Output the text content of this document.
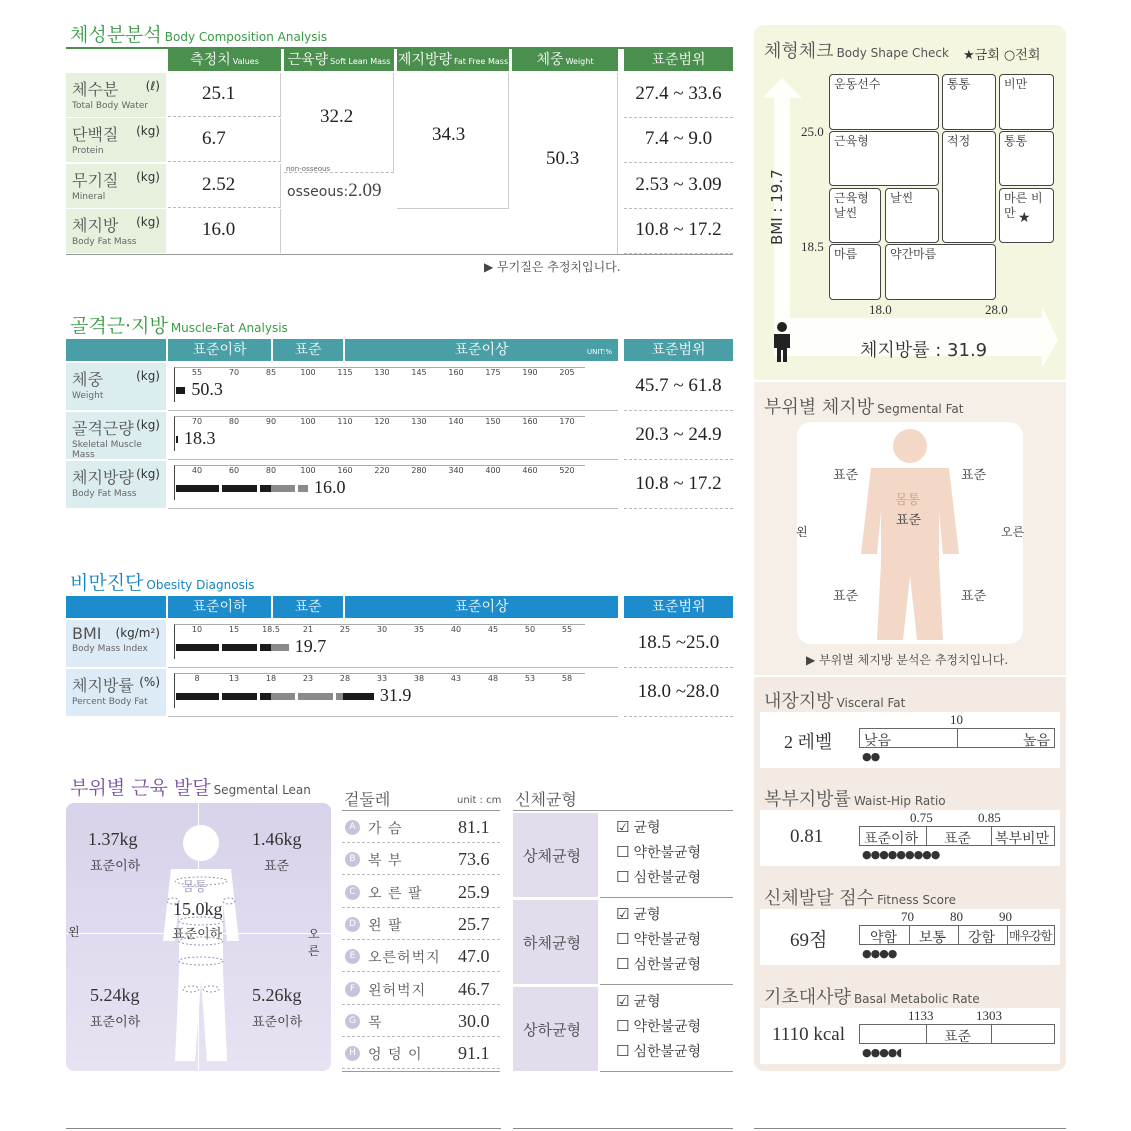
체성분분석 Body Composition Analysis
측정치 Values	근육량 Soft Lean Mass 제지방량 Fat Free Mass	체중 Weight	표준범위
체수분 (ℓ)
Total Body Water
25.1	27.4 ~ 33.6
단백질 (kg)
Protein
6.7	7.4 ~ 9.0
무기질 (kg)
Mineral
2.52	2.53 ~ 3.09
체지방 (kg)
Body Fat Mass
16.0	10.8 ~ 17.2
32.2
non-osseous
osseous:2.09
34.3
50.3
▶ 무기질은 추정치입니다.
골격근·지방 Muscle-Fat Analysis
표준이하	표준	표준이상	UNIT:%	표준범위
체중	(kg)
Weight
55	70	85	100	115	130	145	160	175	190	205
50.3	45.7 ~ 61.8
골격근량 (kg)
Skeletal Muscle Mass
70	80	90	100	110	120	130	140	150	160	170
18.3	20.3 ~ 24.9
체지방량 (kg)
Body Fat Mass
40	60	80	100	160	220	280	340	400	460	520
16.0	10.8 ~ 17.2
비만진단 Obesity Diagnosis
표준이하	표준	표준이상	표준범위
BMI (kg/m²)
Body Mass Index
10	15	18.5	21	25	30	35	40	45	50	55
19.7	18.5 ~25.0
체지방률 (%)
Percent Body Fat
8	13	18	23	28	33	38	43	48	53	58
31.9	18.0 ~28.0
부위별 근육 발달 Segmental Lean
1.37kg
표준이하
1.46kg
표준
몸통
15.0kg
표준이하
왼	오른
5.24kg
표준이하
5.26kg
표준이하
겉둘레	unit : cm
A 가 슴	81.1
B 복 부	73.6
C 오 른 팔 25.9
D 왼 팔	25.7
E 오른허벅지 47.0
F 왼허벅지 46.7
G 목	30.0
H 엉 덩 이 91.1
신체균형
상체균형
☑ 균형
☐ 약한불균형
☐ 심한불균형
하체균형
☑ 균형
☐ 약한불균형
☐ 심한불균형
상하균형
☑ 균형
☐ 약한불균형
☐ 심한불균형
체형체크 Body Shape Check ★금회 ○전회
BMI : 19.7
25.0
18.5
18.0	28.0
체지방률 : 31.9
운동선수	통통	비만
근육형	적정	통통
근육형 날씬
날씬	마른 비만 ★
마름	약간마름
부위별 체지방 Segmental Fat
표준	표준
몸통
표준
왼	오른
표준	표준
▶ 부위별 체지방 분석은 추정치입니다.
내장지방 Visceral Fat
2 레벨
10
낮음	높음
●●
복부지방률 Waist-Hip Ratio
0.81
0.75	0.85
표준이하 표준 복부비만
●●●●●●●●●
신체발달 점수 Fitness Score
69점
70	80	90
약함 보통 강함 매우강함
●●●●
기초대사량 Basal Metabolic Rate
1110 kcal
1133	1303
표준
●●●●◖
